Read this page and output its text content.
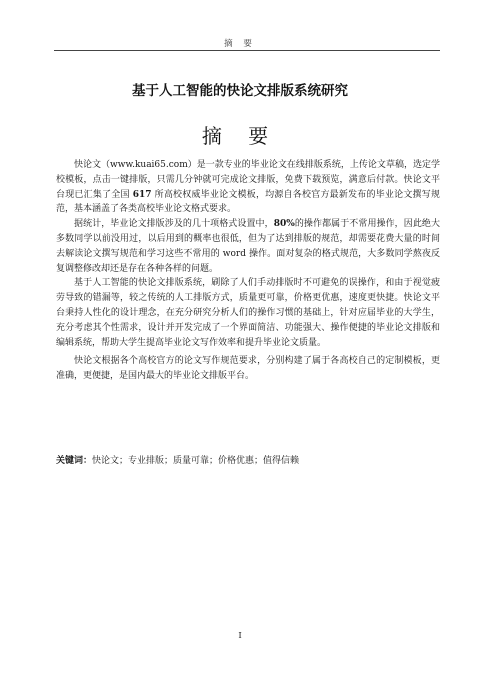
摘 要
基于人工智能的快论文排版系统研究
摘 要

快论文（www.kuai65.com）是一款专业的毕业论文在线排版系统，上传论文草稿，选定学校模板，点击一键排版，只需几分钟就可完成论文排版，免费下载预览，满意后付款。快论文平台现已汇集了全国 617 所高校权威毕业论文模板，均源自各校官方最新发布的毕业论文撰写规范，基本涵盖了各类高校毕业论文格式要求。

据统计，毕业论文排版涉及的几十项格式设置中，80%的操作都属于不常用操作，因此绝大多数同学以前没用过，以后用到的概率也很低，但为了达到排版的规范，却需要花费大量的时间去解读论文撰写规范和学习这些不常用的 word 操作。面对复杂的格式规范，大多数同学熬夜反复调整修改却还是存在各种各样的问题。

基于人工智能的快论文排版系统，刷除了人们手动排版时不可避免的误操作，和由于视觉疲劳导致的错漏等，较之传统的人工排版方式，质量更可靠，价格更优惠，速度更快捷。快论文平台秉持人性化的设计理念，在充分研究分析人们的操作习惯的基础上，针对应届毕业的大学生，充分考虑其个性需求，设计并开发完成了一个界面简洁、功能强大、操作便捷的毕业论文排版和编辑系统，帮助大学生提高毕业论文写作效率和提升毕业论文质量。

快论文根据各个高校官方的论文写作规范要求，分别构建了属于各高校自己的定制模板，更准确，更便捷，是国内最大的毕业论文排版平台。

关键词：快论文；专业排版；质量可靠；价格优惠；值得信赖
I
